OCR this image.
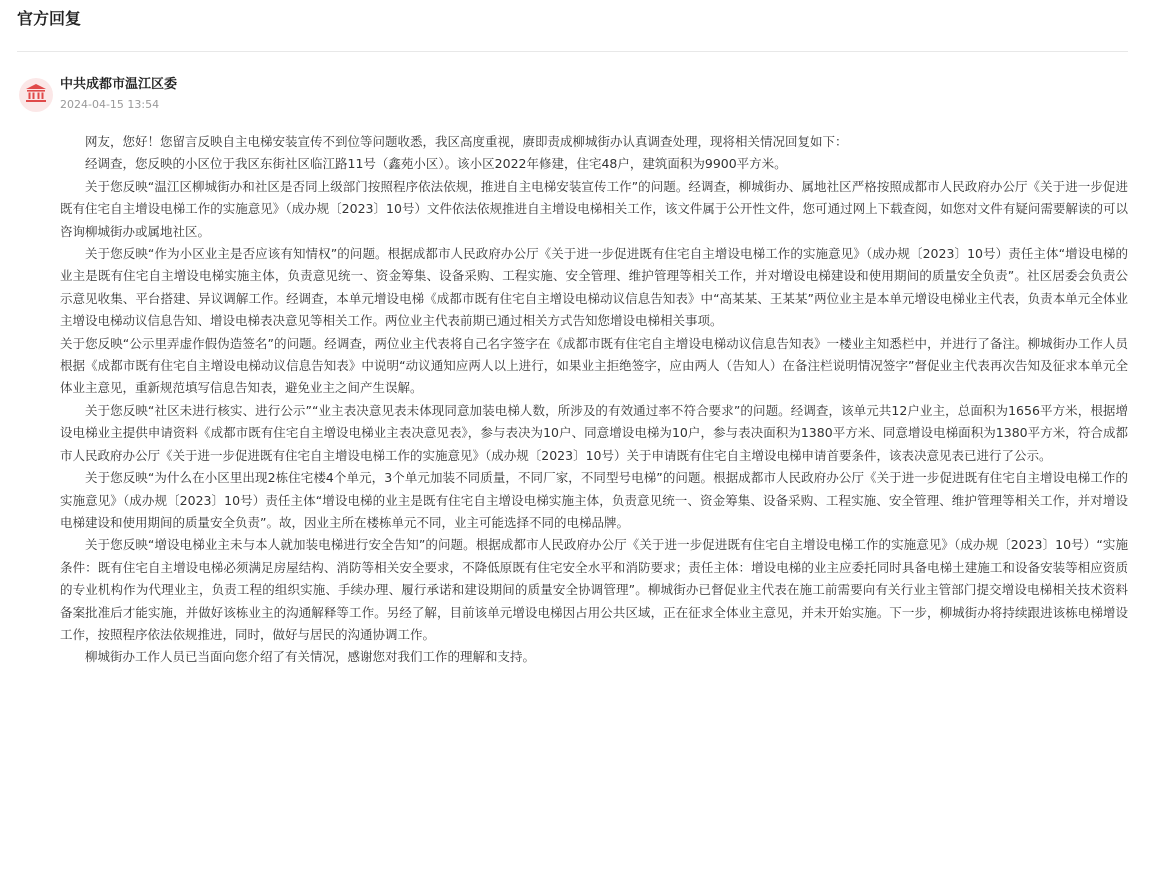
官方回复
中共成都市温江区委
2024-04-15 13:54

网友，您好！您留言反映自主电梯安装宣传不到位等问题收悉，我区高度重视，赓即责成柳城街办认真调查处理，现将相关情况回复如下：

经调查，您反映的小区位于我区东街社区临江路11号（鑫苑小区）。该小区2022年修建，住宅48户，建筑面积为9900平方米。

关于您反映“温江区柳城街办和社区是否同上级部门按照程序依法依规，推进自主电梯安装宣传工作”的问题。经调查，柳城街办、属地社区严格按照成都市人民政府办公厅《关于进一步促进既有住宅自主增设电梯工作的实施意见》（成办规〔2023〕10号）文件依法依规推进自主增设电梯相关工作，该文件属于公开性文件，您可通过网上下载查阅，如您对文件有疑问需要解读的可以咨询柳城街办或属地社区。

关于您反映“作为小区业主是否应该有知情权”的问题。根据成都市人民政府办公厅《关于进一步促进既有住宅自主增设电梯工作的实施意见》（成办规〔2023〕10号）责任主体“增设电梯的业主是既有住宅自主增设电梯实施主体，负责意见统一、资金筹集、设备采购、工程实施、安全管理、维护管理等相关工作，并对增设电梯建设和使用期间的质量安全负责”。社区居委会负责公示意见收集、平台搭建、异议调解工作。经调查，本单元增设电梯《成都市既有住宅自主增设电梯动议信息告知表》中“高某某、王某某”两位业主是本单元增设电梯业主代表，负责本单元全体业主增设电梯动议信息告知、增设电梯表决意见等相关工作。两位业主代表前期已通过相关方式告知您增设电梯相关事项。

关于您反映“公示里弄虚作假伪造签名”的问题。经调查，两位业主代表将自己名字签字在《成都市既有住宅自主增设电梯动议信息告知表》一楼业主知悉栏中，并进行了备注。柳城街办工作人员根据《成都市既有住宅自主增设电梯动议信息告知表》中说明“动议通知应两人以上进行，如果业主拒绝签字，应由两人（告知人）在备注栏说明情况签字”督促业主代表再次告知及征求本单元全体业主意见，重新规范填写信息告知表，避免业主之间产生误解。

关于您反映“社区未进行核实、进行公示”“业主表决意见表未体现同意加装电梯人数，所涉及的有效通过率不符合要求”的问题。经调查，该单元共12户业主，总面积为1656平方米，根据增设电梯业主提供申请资料《成都市既有住宅自主增设电梯业主表决意见表》，参与表决为10户、同意增设电梯为10户，参与表决面积为1380平方米、同意增设电梯面积为1380平方米，符合成都市人民政府办公厅《关于进一步促进既有住宅自主增设电梯工作的实施意见》（成办规〔2023〕10号）关于申请既有住宅自主增设电梯申请首要条件，该表决意见表已进行了公示。

关于您反映“为什么在小区里出现2栋住宅楼4个单元，3个单元加装不同质量，不同厂家，不同型号电梯”的问题。根据成都市人民政府办公厅《关于进一步促进既有住宅自主增设电梯工作的实施意见》（成办规〔2023〕10号）责任主体“增设电梯的业主是既有住宅自主增设电梯实施主体，负责意见统一、资金筹集、设备采购、工程实施、安全管理、维护管理等相关工作，并对增设电梯建设和使用期间的质量安全负责”。故，因业主所在楼栋单元不同，业主可能选择不同的电梯品牌。

关于您反映“增设电梯业主未与本人就加装电梯进行安全告知”的问题。根据成都市人民政府办公厅《关于进一步促进既有住宅自主增设电梯工作的实施意见》（成办规〔2023〕10号）“实施条件：既有住宅自主增设电梯必须满足房屋结构、消防等相关安全要求，不降低原既有住宅安全水平和消防要求；责任主体：增设电梯的业主应委托同时具备电梯土建施工和设备安装等相应资质的专业机构作为代理业主，负责工程的组织实施、手续办理、履行承诺和建设期间的质量安全协调管理”。柳城街办已督促业主代表在施工前需要向有关行业主管部门提交增设电梯相关技术资料备案批准后才能实施，并做好该栋业主的沟通解释等工作。另经了解，目前该单元增设电梯因占用公共区域，正在征求全体业主意见，并未开始实施。下一步，柳城街办将持续跟进该栋电梯增设工作，按照程序依法依规推进，同时，做好与居民的沟通协调工作。

柳城街办工作人员已当面向您介绍了有关情况，感谢您对我们工作的理解和支持。
